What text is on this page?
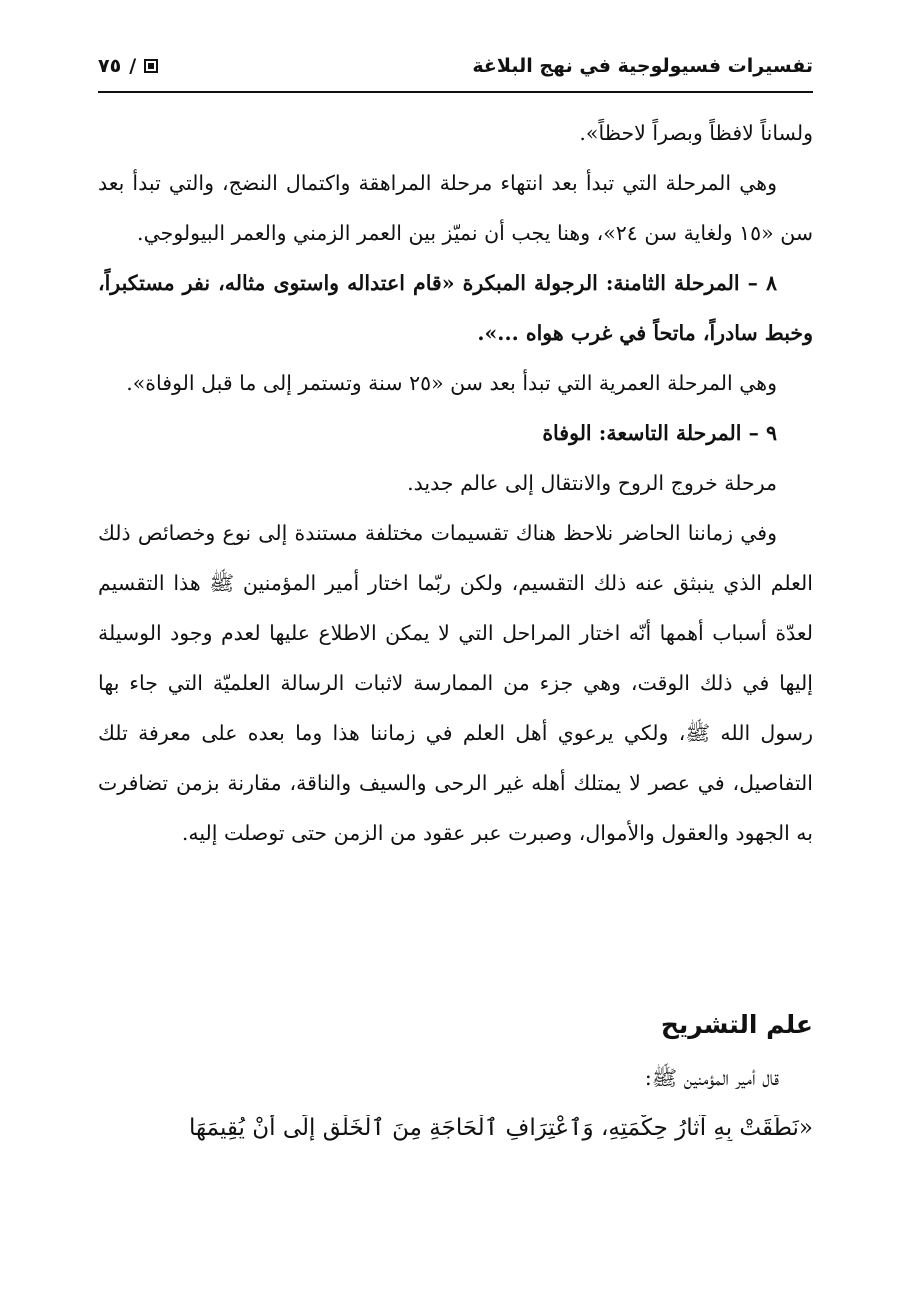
تفسيرات فسيولوجية في نهج البلاغة
٧٥ /

ولساناً لافظاً وبصراً لاحظاً».

وهي المرحلة التي تبدأ بعد انتهاء مرحلة المراهقة واكتمال النضج، والتي تبدأ بعد سن «١٥ ولغاية سن ٢٤»، وهنا يجب أن نميّز بين العمر الزمني والعمر البيولوجي.

٨ – المرحلة الثامنة: الرجولة المبكرة «قام اعتداله واستوى مثاله، نفر مستكبراً، وخبط سادراً، ماتحاً في غرب هواه ...».

وهي المرحلة العمرية التي تبدأ بعد سن «٢٥ سنة وتستمر إلى ما قبل الوفاة».

٩ – المرحلة التاسعة: الوفاة

مرحلة خروج الروح والانتقال إلى عالم جديد.

وفي زماننا الحاضر نلاحظ هناك تقسيمات مختلفة مستندة إلى نوع وخصائص ذلك العلم الذي ينبثق عنه ذلك التقسيم، ولكن ربّما اختار أمير المؤمنين ﷺ هذا التقسيم لعدّة أسباب أهمها أنّه اختار المراحل التي لا يمكن الاطلاع عليها لعدم وجود الوسيلة إليها في ذلك الوقت، وهي جزء من الممارسة لاثبات الرسالة العلميّة التي جاء بها رسول الله ﷺ، ولكي يرعوي أهل العلم في زماننا هذا وما بعده على معرفة تلك التفاصيل، في عصر لا يمتلك أهله غير الرحى والسيف والناقة، مقارنة بزمن تضافرت به الجهود والعقول والأموال، وصبرت عبر عقود من الزمن حتى توصلت إليه.

علم التشريح
قال أمير المؤمنين ﷺ:
«نَطَقَتْ بِهِ آثارُ حِكْمَتِهِ، وَٱعْتِرَافِ ٱلْحَاجَةِ مِنَ ٱلْخَلْقِ إِلَى أَنْ يُقِيمَهَا
